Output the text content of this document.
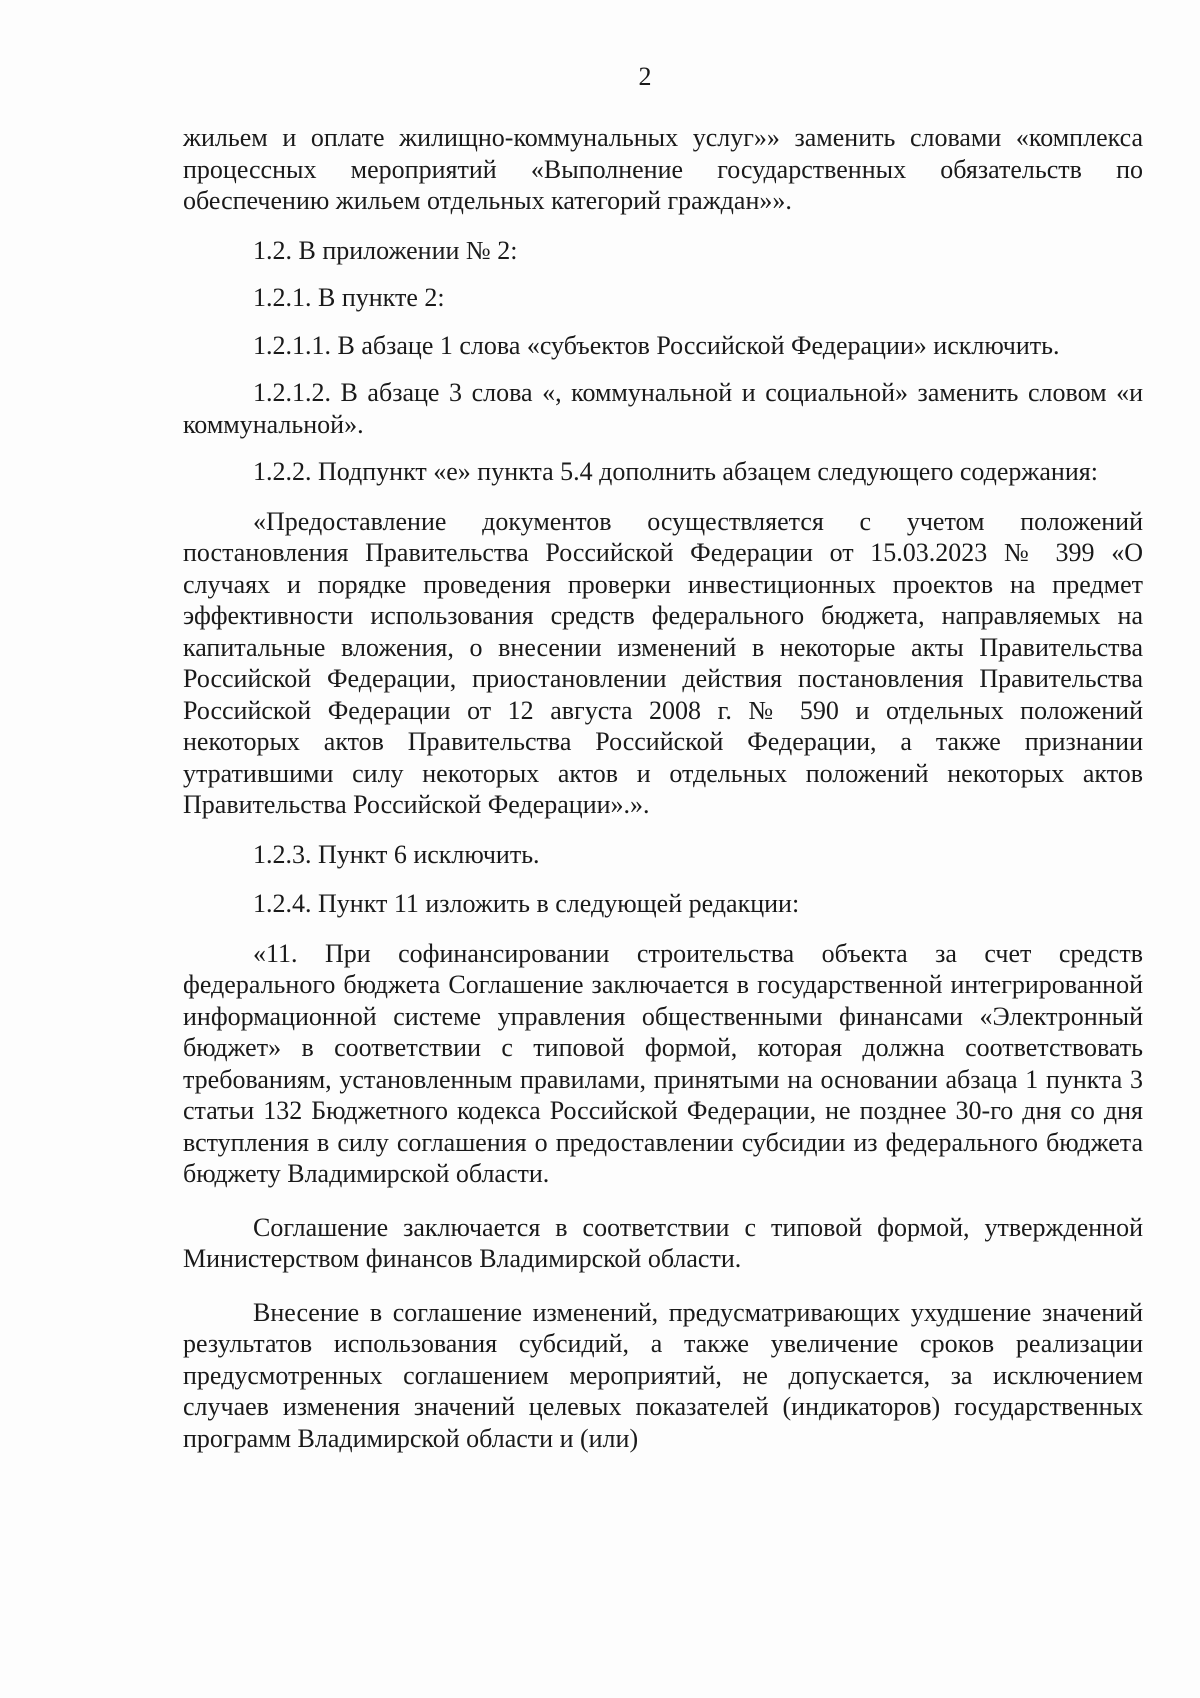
2

жильем и оплате жилищно-коммунальных услуг»» заменить словами «комплекса процессных мероприятий «Выполнение государственных обязательств по обеспечению жильем отдельных категорий граждан»».

1.2. В приложении № 2:

1.2.1. В пункте 2:

1.2.1.1. В абзаце 1 слова «субъектов Российской Федерации» исключить.

1.2.1.2. В абзаце 3 слова «, коммунальной и социальной» заменить словом «и коммунальной».

1.2.2. Подпункт «е» пункта 5.4 дополнить абзацем следующего содержания:

«Предоставление документов осуществляется с учетом положений постановления Правительства Российской Федерации от 15.03.2023 № 399 «О случаях и порядке проведения проверки инвестиционных проектов на предмет эффективности использования средств федерального бюджета, направляемых на капитальные вложения, о внесении изменений в некоторые акты Правительства Российской Федерации, приостановлении действия постановления Правительства Российской Федерации от 12 августа 2008 г. № 590 и отдельных положений некоторых актов Правительства Российской Федерации, а также признании утратившими силу некоторых актов и отдельных положений некоторых актов Правительства Российской Федерации».».

1.2.3. Пункт 6 исключить.

1.2.4. Пункт 11 изложить в следующей редакции:

«11. При софинансировании строительства объекта за счет средств федерального бюджета Соглашение заключается в государственной интегрированной информационной системе управления общественными финансами «Электронный бюджет» в соответствии с типовой формой, которая должна соответствовать требованиям, установленным правилами, принятыми на основании абзаца 1 пункта 3 статьи 132 Бюджетного кодекса Российской Федерации, не позднее 30-го дня со дня вступления в силу соглашения о предоставлении субсидии из федерального бюджета бюджету Владимирской области.

Соглашение заключается в соответствии с типовой формой, утвержденной Министерством финансов Владимирской области.

Внесение в соглашение изменений, предусматривающих ухудшение значений результатов использования субсидий, а также увеличение сроков реализации предусмотренных соглашением мероприятий, не допускается, за исключением случаев изменения значений целевых показателей (индикаторов) государственных программ Владимирской области и (или)
